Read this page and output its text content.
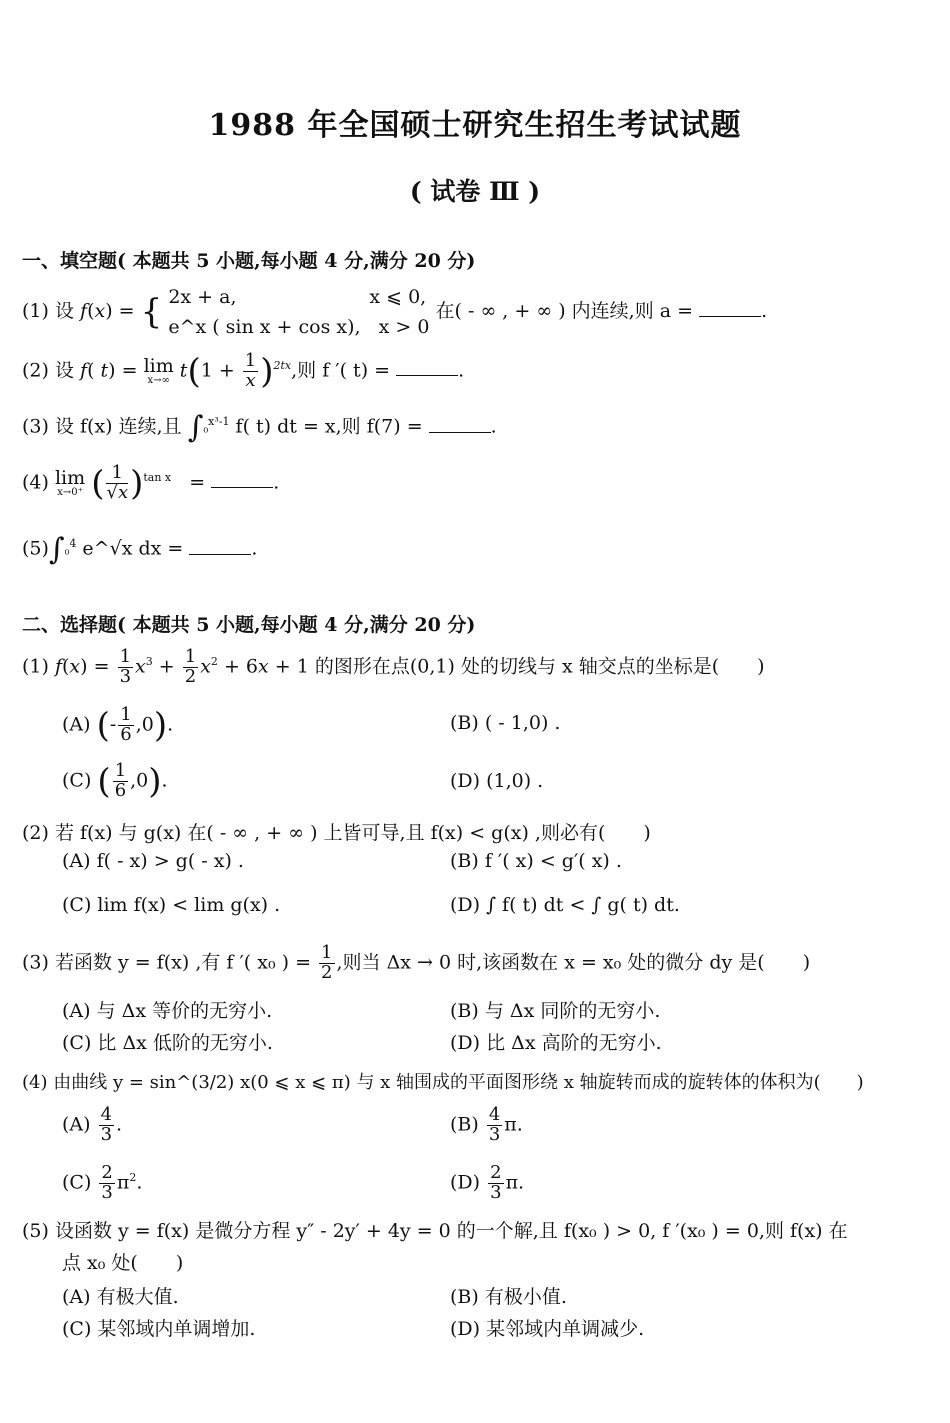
1988 年全国硕士研究生招生考试试题
( 试卷 Ⅲ )
一、填空题( 本题共 5 小题,每小题 4 分,满分 20 分)
(1) 设 f(x) = { 2x + a,	x ⩽ 0,
e^x ( sin x + cos x), x > 0
在( - ∞ , + ∞ ) 内连续,则 a =	.
(2) 设 f( t) = lim
x→∞ $t(1 + \frac{1}{x} )^{2tx}$,则 f ′( t) =	.
(3) 设 f(x) 连续,且 ∫₀$^{x^3-1}$ f( t) dt = x,则 f(7) =	.
(4) lim
x→0⁺ ( $\frac{1}{√x} )^{tan x}$ =	.
(5)∫₀$^4$ e^√x dx =	.
二、选择题( 本题共 5 小题,每小题 4 分,满分 20 分)
(1) $f(x) = \frac{1}{3} x^3 + \frac{1}{2} x^2 + 6x + 1$ 的图形在点(0,1) 处的切线与 x 轴交点的坐标是(　　)
(A) (- $\frac{1}{6} ,0$).	(B) ( - 1,0) .
(C) ( $\frac{1}{6} ,0$).	(D) (1,0) .
(2) 若 f(x) 与 g(x) 在( - ∞ , + ∞ ) 上皆可导,且 f(x) < g(x) ,则必有(　　)
(A) f( - x) > g( - x) .	(B) f ′( x) < g′( x) .
(C) lim f(x) < lim g(x) .	(D) ∫ f( t) dt < ∫ g( t) dt.
(3) 若函数 y = f(x) ,有 f ′( x₀ ) = $\frac{1}{2}$ ,则当 Δx → 0 时,该函数在 x = x₀ 处的微分 dy 是(　　)
(A) 与 Δx 等价的无穷小.	(B) 与 Δx 同阶的无穷小.
(C) 比 Δx 低阶的无穷小.	(D) 比 Δx 高阶的无穷小.
(4) 由曲线 y = sin^(3/2) x(0 ⩽ x ⩽ π) 与 x 轴围成的平面图形绕 x 轴旋转而成的旋转体的体积为(　　)
$(A) \frac{4}{3}$ .	$(B) \frac{4}{3} \pi$.
$(C) \frac{2}{3} \pi^2$.	$(D) \frac{2}{3} \pi$.
(5) 设函数 y = f(x) 是微分方程 y″ - 2y′ + 4y = 0 的一个解,且 f(x₀ ) > 0, f ′(x₀ ) = 0,则 f(x) 在
点 x₀ 处(　　)
(A) 有极大值.	(B) 有极小值.
(C) 某邻域内单调增加.	(D) 某邻域内单调减少.
